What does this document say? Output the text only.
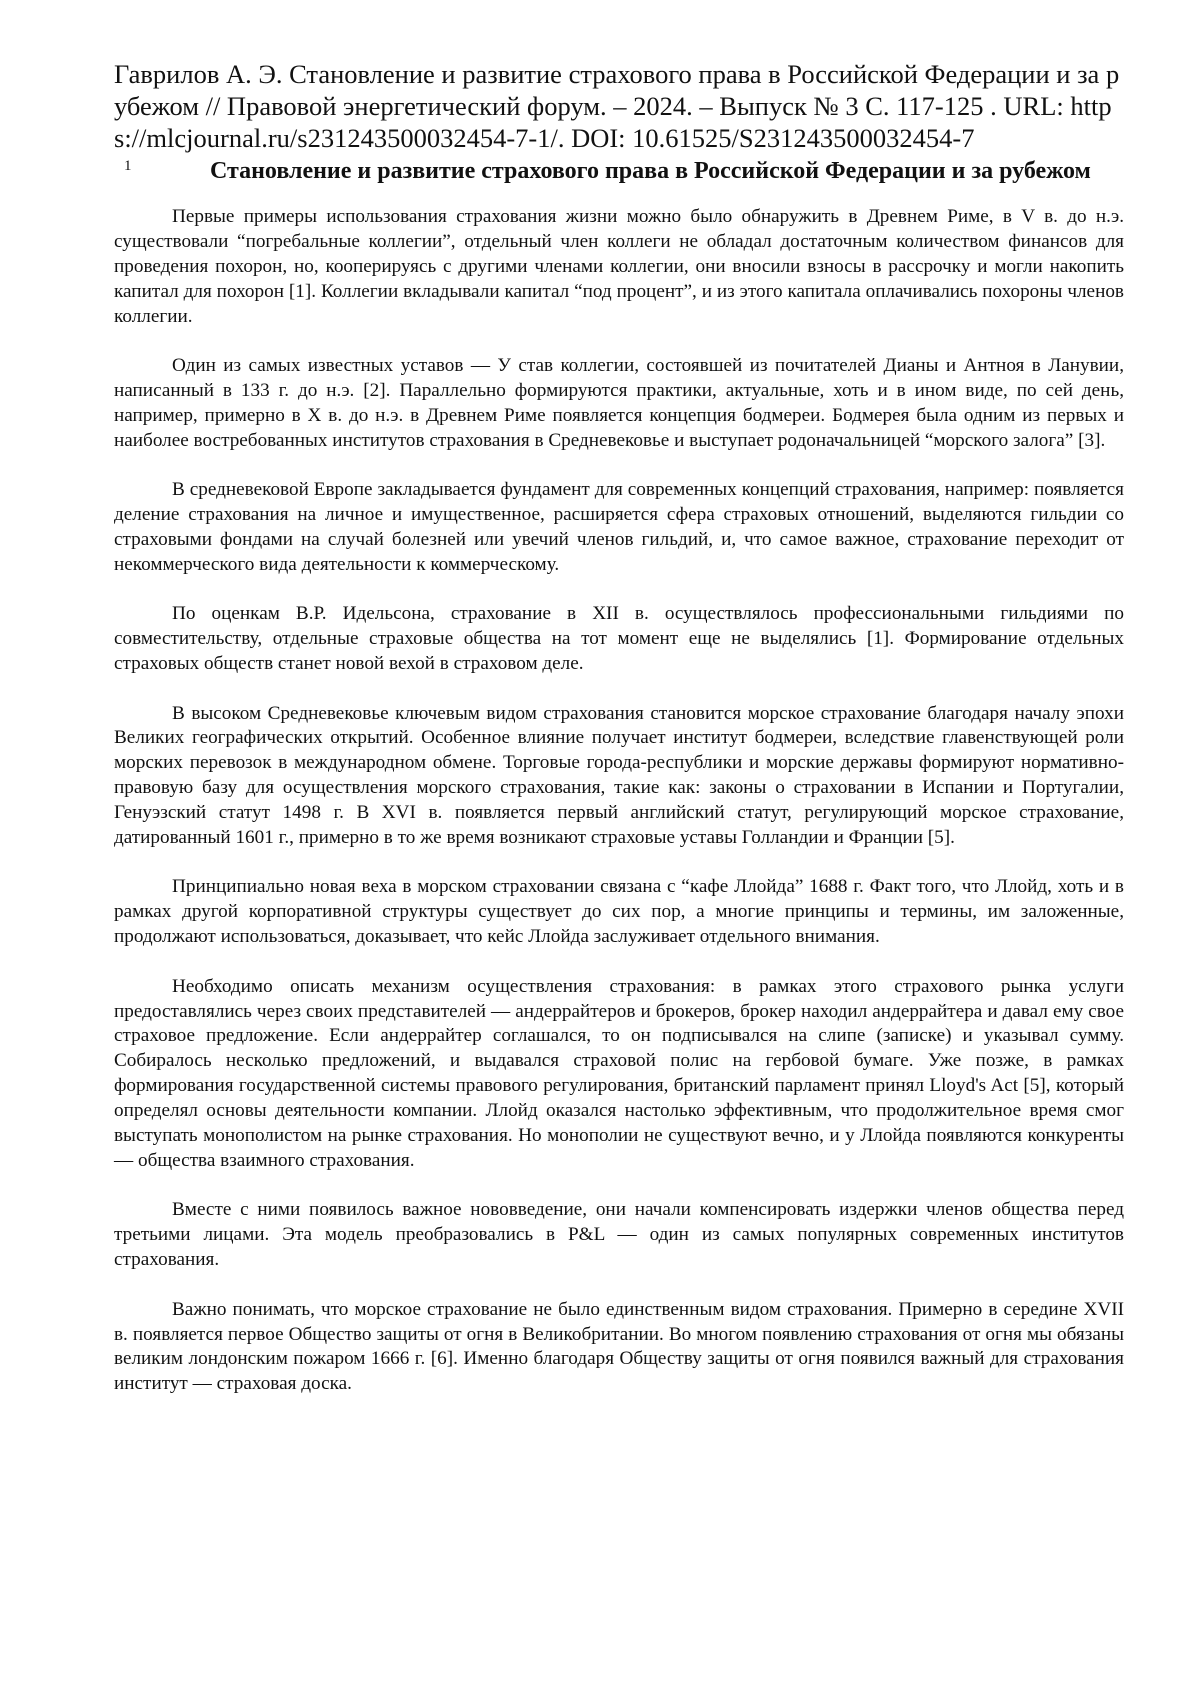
Гаврилов А. Э. Становление и развитие страхового права в Российской Федерации и за рубежом // Правовой энергетический форум. – 2024. – Выпуск № 3 С. 117-125 . URL: https://mlcjournal.ru/s231243500032454-7-1/. DOI: 10.61525/S231243500032454-7

1	Становление и развитие страхового права в Российской Федерации и за рубежом

Первые примеры использования страхования жизни можно было обнаружить в Древнем Риме, в V в. до н.э. существовали “погребальные коллегии”, отдельный член коллеги не обладал достаточным количеством финансов для проведения похорон, но, кооперируясь с другими членами коллегии, они вносили взносы в рассрочку и могли накопить капитал для похорон [1]. Коллегии вкладывали капитал “под процент”, и из этого капитала оплачивались похороны членов коллегии.

Один из самых известных уставов — У став коллегии, состоявшей из почитателей Дианы и Антноя в Ланувии, написанный в 133 г. до н.э. [2]. Параллельно формируются практики, актуальные, хоть и в ином виде, по сей день, например, примерно в X в. до н.э. в Древнем Риме появляется концепция бодмереи. Бодмерея была одним из первых и наиболее востребованных институтов страхования в Средневековье и выступает родоначальницей “морского залога” [3].

В средневековой Европе закладывается фундамент для современных концепций страхования, например: появляется деление страхования на личное и имущественное, расширяется сфера страховых отношений, выделяются гильдии со страховыми фондами на случай болезней или увечий членов гильдий, и, что самое важное, страхование переходит от некоммерческого вида деятельности к коммерческому.

По оценкам В.Р. Идельсона, страхование в XII в. осуществлялось профессиональными гильдиями по совместительству, отдельные страховые общества на тот момент еще не выделялись [1]. Формирование отдельных страховых обществ станет новой вехой в страховом деле.

В высоком Средневековье ключевым видом страхования становится морское страхование благодаря началу эпохи Великих географических открытий. Особенное влияние получает институт бодмереи, вследствие главенствующей роли морских перевозок в международном обмене. Торговые города-республики и морские державы формируют нормативно-правовую базу для осуществления морского страхования, такие как: законы о страховании в Испании и Португалии, Генуэзский статут 1498 г. В XVI в. появляется первый английский статут, регулирующий морское страхование, датированный 1601 г., примерно в то же время возникают страховые уставы Голландии и Франции [5].

Принципиально новая веха в морском страховании связана с “кафе Ллойда” 1688 г. Факт того, что Ллойд, хоть и в рамках другой корпоративной структуры существует до сих пор, а многие принципы и термины, им заложенные, продолжают использоваться, доказывает, что кейс Ллойда заслуживает отдельного внимания.

Необходимо описать механизм осуществления страхования: в рамках этого страхового рынка услуги предоставлялись через своих представителей — андеррайтеров и брокеров, брокер находил андеррайтера и давал ему свое страховое предложение. Если андеррайтер соглашался, то он подписывался на слипе (записке) и указывал сумму. Собиралось несколько предложений, и выдавался страховой полис на гербовой бумаге. Уже позже, в рамках формирования государственной системы правового регулирования, британский парламент принял Lloyd's Act [5], который определял основы деятельности компании. Ллойд оказался настолько эффективным, что продолжительное время смог выступать монополистом на рынке страхования. Но монополии не существуют вечно, и у Ллойда появляются конкуренты — общества взаимного страхования.

Вместе с ними появилось важное нововведение, они начали компенсировать издержки членов общества перед третьими лицами. Эта модель преобразовались в P&L — один из самых популярных современных институтов страхования.

Важно понимать, что морское страхование не было единственным видом страхования. Примерно в середине XVII в. появляется первое Общество защиты от огня в Великобритании. Во многом появлению страхования от огня мы обязаны великим лондонским пожаром 1666 г. [6]. Именно благодаря Обществу защиты от огня появился важный для страхования институт — страховая доска.
